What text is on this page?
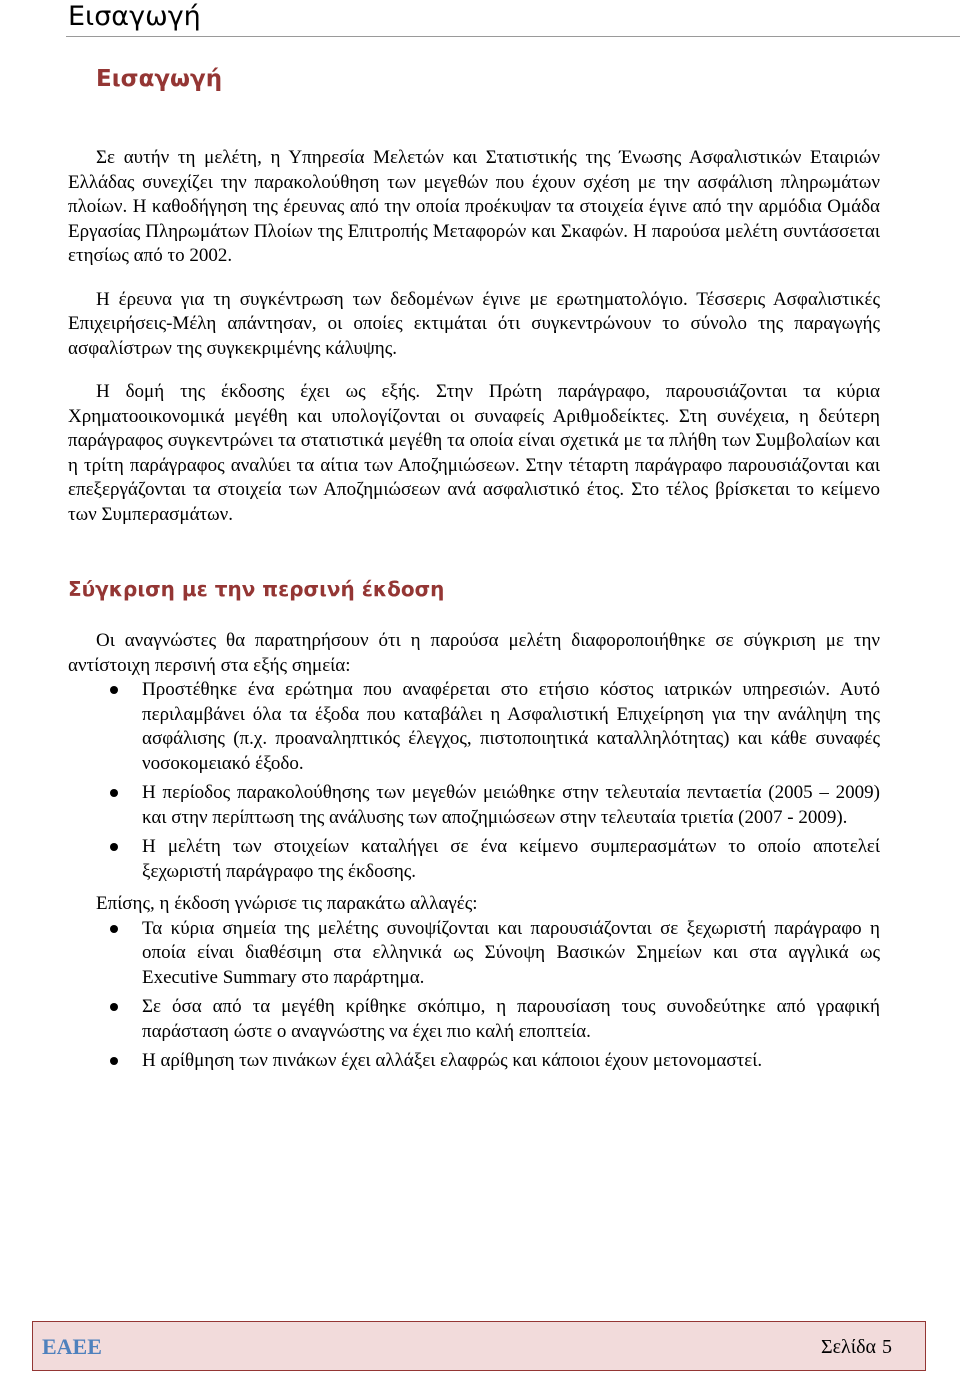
Εισαγωγή
Εισαγωγή

Σε αυτήν τη μελέτη, η Υπηρεσία Μελετών και Στατιστικής της Ένωσης Ασφαλιστικών Εταιριών Ελλάδας συνεχίζει την παρακολούθηση των μεγεθών που έχουν σχέση με την ασφάλιση πληρωμάτων πλοίων. Η καθοδήγηση της έρευνας από την οποία προέκυψαν τα στοιχεία έγινε από την αρμόδια Ομάδα Εργασίας Πληρωμάτων Πλοίων της Επιτροπής Μεταφορών και Σκαφών. Η παρούσα μελέτη συντάσσεται ετησίως από το 2002.

Η έρευνα για τη συγκέντρωση των δεδομένων έγινε με ερωτηματολόγιο. Τέσσερις Ασφαλιστικές Επιχειρήσεις-Μέλη απάντησαν, οι οποίες εκτιμάται ότι συγκεντρώνουν το σύνολο της παραγωγής ασφαλίστρων της συγκεκριμένης κάλυψης.

Η δομή της έκδοσης έχει ως εξής. Στην Πρώτη παράγραφο, παρουσιάζονται τα κύρια Χρηματοοικονομικά μεγέθη και υπολογίζονται οι συναφείς Αριθμοδείκτες. Στη συνέχεια, η δεύτερη παράγραφος συγκεντρώνει τα στατιστικά μεγέθη τα οποία είναι σχετικά με τα πλήθη των Συμβολαίων και η τρίτη παράγραφος αναλύει τα αίτια των Αποζημιώσεων. Στην τέταρτη παράγραφο παρουσιάζονται και επεξεργάζονται τα στοιχεία των Αποζημιώσεων ανά ασφαλιστικό έτος. Στο τέλος βρίσκεται το κείμενο των Συμπερασμάτων.

Σύγκριση με την περσινή έκδοση

Οι αναγνώστες θα παρατηρήσουν ότι η παρούσα μελέτη διαφοροποιήθηκε σε σύγκριση με την αντίστοιχη περσινή στα εξής σημεία:

Προστέθηκε ένα ερώτημα που αναφέρεται στο ετήσιο κόστος ιατρικών υπηρεσιών. Αυτό περιλαμβάνει όλα τα έξοδα που καταβάλει η Ασφαλιστική Επιχείρηση για την ανάληψη της ασφάλισης (π.χ. προαναληπτικός έλεγχος, πιστοποιητικά καταλληλότητας) και κάθε συναφές νοσοκομειακό έξοδο.
Η περίοδος παρακολούθησης των μεγεθών μειώθηκε στην τελευταία πενταετία (2005 – 2009) και στην περίπτωση της ανάλυσης των αποζημιώσεων στην τελευταία τριετία (2007 - 2009).
Η μελέτη των στοιχείων καταλήγει σε ένα κείμενο συμπερασμάτων το οποίο αποτελεί ξεχωριστή παράγραφο της έκδοσης.

Επίσης, η έκδοση γνώρισε τις παρακάτω αλλαγές:

Τα κύρια σημεία της μελέτης συνοψίζονται και παρουσιάζονται σε ξεχωριστή παράγραφο η οποία είναι διαθέσιμη στα ελληνικά ως Σύνοψη Βασικών Σημείων και στα αγγλικά ως Executive Summary στο παράρτημα.
Σε όσα από τα μεγέθη κρίθηκε σκόπιμο, η παρουσίαση τους συνοδεύτηκε από γραφική παράσταση ώστε ο αναγνώστης να έχει πιο καλή εποπτεία.
Η αρίθμηση των πινάκων έχει αλλάξει ελαφρώς και κάποιοι έχουν μετονομαστεί.
ΕΑΕΕ	Σελίδα 5
